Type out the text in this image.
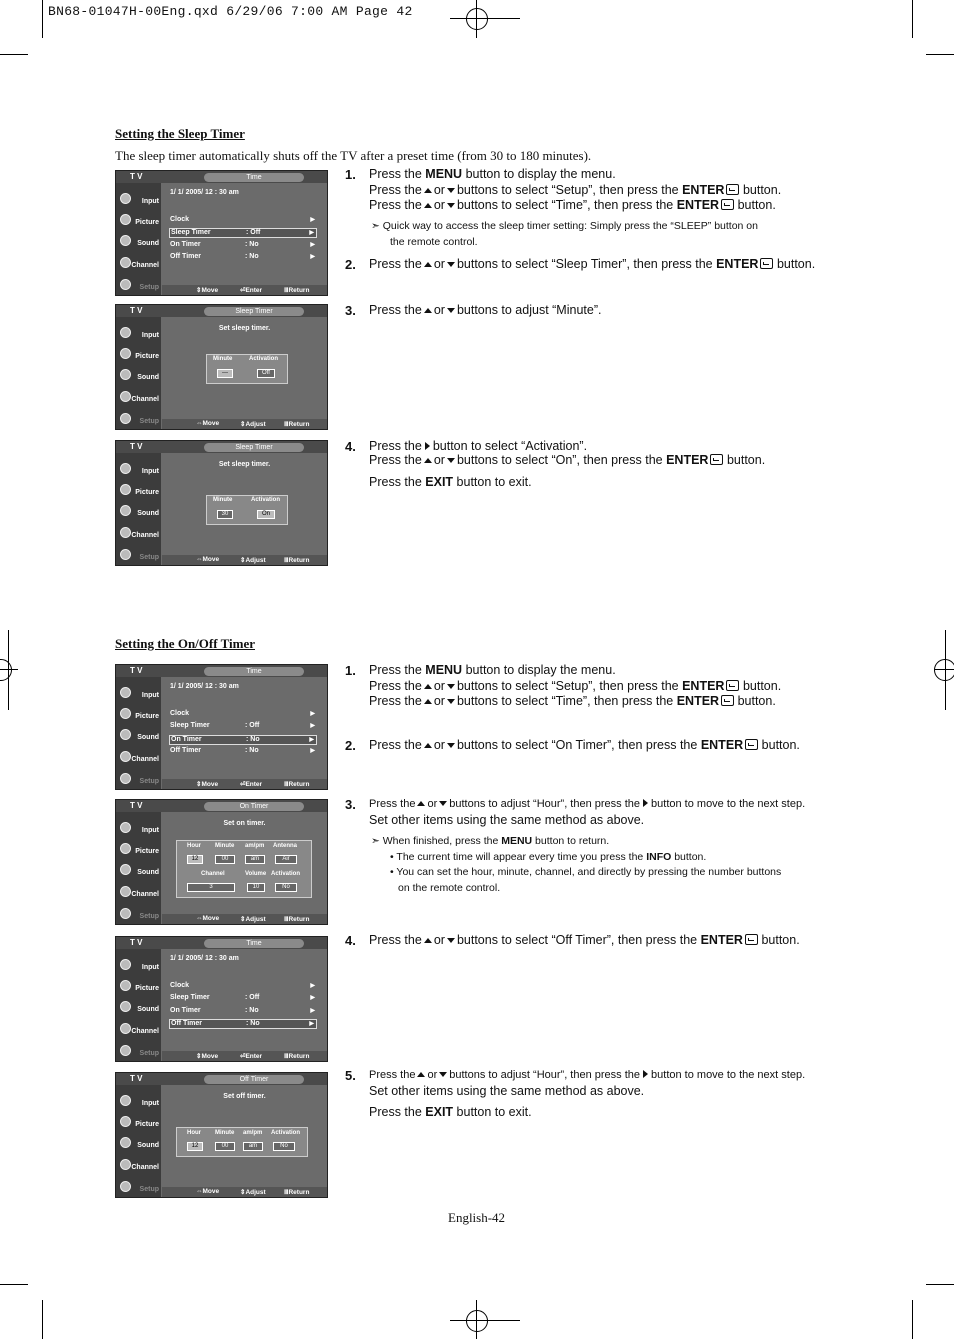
BN68-01047H-00Eng.qxd 6/29/06 7:00 AM Page 42
Setting the Sleep Timer
The sleep timer automatically shuts off the TV after a preset time (from 30 to 180 minutes).
T V	Time
Input
Picture
Sound
Channel
Setup
1/ 1/ 2005/ 12 : 30 am
Clock	▶
Sleep Timer	: Off	▶
On Timer	: No	▶
Off Timer	: No	▶
⇕Move	⏎Enter	ⅢReturn
1. Press the MENU button to display the menu.
Press the or buttons to select “Setup”, then press the ENTER button.
Press the or buttons to select “Time”, then press the ENTER button.
➣ Quick way to access the sleep timer setting: Simply press the “SLEEP” button on
the remote control.
2. Press the or buttons to select “Sleep Timer”, then press the ENTER button.
T V	Sleep Timer
Input
Picture
Sound
Channel
Setup
Set sleep timer.
Minute	Activation
---	Off
⇔Move	⇕Adjust	ⅢReturn
3. Press the or buttons to adjust “Minute”.
T V	Sleep Timer
Input
Picture
Sound
Channel
Setup
Set sleep timer.
Minute	Activation
30	On
⇔Move	⇕Adjust	ⅢReturn
4. Press the button to select “Activation”.
Press the or buttons to select “On”, then press the ENTER button.
Press the EXIT button to exit.
Setting the On/Off Timer
T V	Time
Input
Picture
Sound
Channel
Setup
1/ 1/ 2005/ 12 : 30 am
Clock	▶
Sleep Timer	: Off	▶
On Timer	: No	▶
Off Timer	: No	▶
⇕Move	⏎Enter	ⅢReturn
1. Press the MENU button to display the menu.
Press the or buttons to select “Setup”, then press the ENTER button.
Press the or buttons to select “Time”, then press the ENTER button.
2. Press the or buttons to select “On Timer”, then press the ENTER button.
T V	On Timer
Input
Picture
Sound
Channel
Setup
Set on timer.
Hour Minute am/pm Antenna
12	00	am	Air
Channel	Volume Activation
3	10	No
⇔Move	⇕Adjust	ⅢReturn
3. Press the or buttons to adjust “Hour”, then press the button to move to the next step.
Set other items using the same method as above.
➣ When finished, press the MENU button to return.
• The current time will appear every time you press the INFO button.
• You can set the hour, minute, channel, and directly by pressing the number buttons
on the remote control.
T V	Time
Input
Picture
Sound
Channel
Setup
1/ 1/ 2005/ 12 : 30 am
Clock	▶
Sleep Timer	: Off	▶
On Timer	: No	▶
Off Timer	: No	▶
⇕Move	⏎Enter	ⅢReturn
4. Press the or buttons to select “Off Timer”, then press the ENTER button.
T V	Off Timer
Input
Picture
Sound
Channel
Setup
Set off timer.
Hour Minute am/pm Activation
12	00	am	No
⇔Move	⇕Adjust	ⅢReturn
5. Press the or buttons to adjust “Hour”, then press the button to move to the next step.
Set other items using the same method as above.
Press the EXIT button to exit.
English-42
